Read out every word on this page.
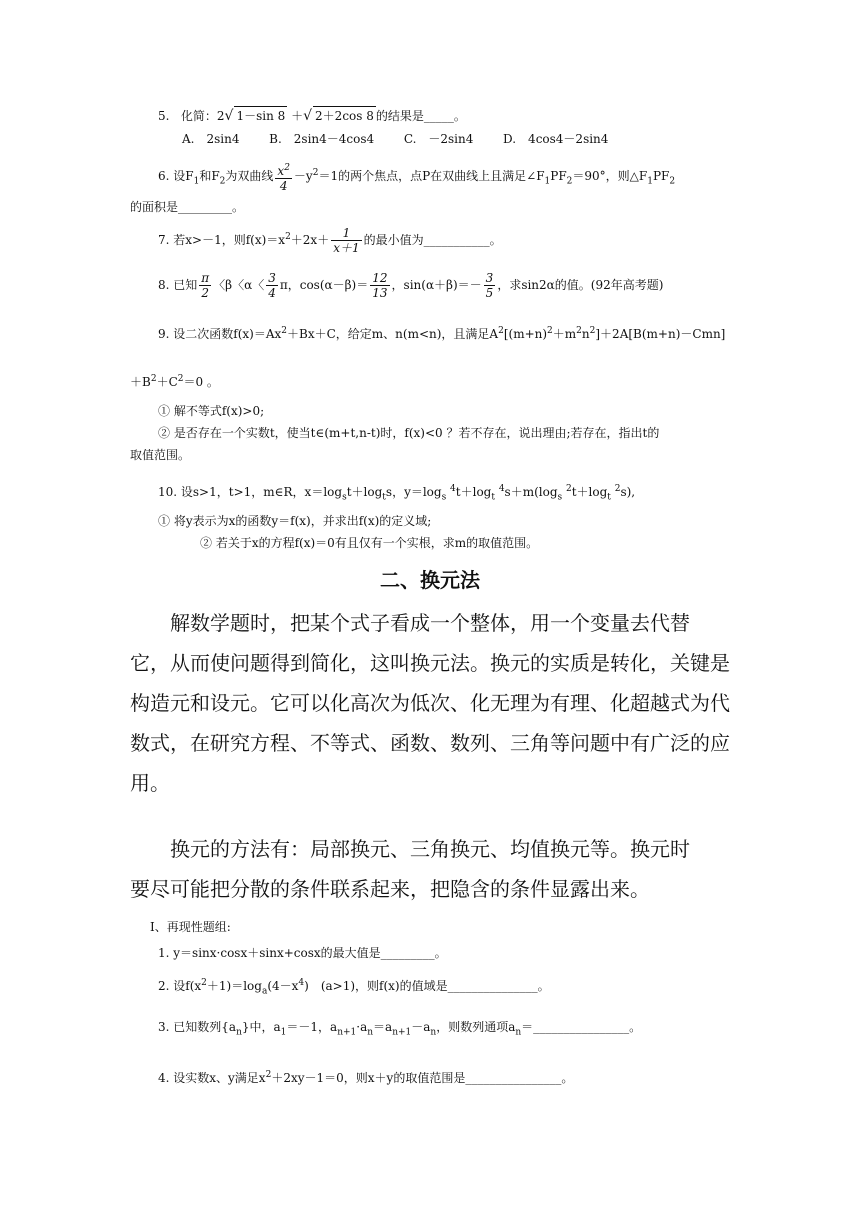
5. 化简：2√ 1－sin 8 ＋√ 2＋2cos 8 的结果是_____。
A.　2sin4 B.　2sin4－4cos4 C.　－2sin4 D.　4cos4－2sin4
6. 设$F_1$和$F_2$为双曲线 $\frac{x^2}{4} -y^2=1$的两个焦点，点P在双曲线上且满足$\angle F_1PF_2=90^\circ$，则$\triangle F_1PF_2$
的面积是_________。
7. 若x>－1，则$f(x)=x^2+2x+ \frac{1}{x+1}$ 的最小值为___________。
8. 已知 $\frac{\pi}{2}$ 〈β〈α〈 $\frac{3}{4}$ π，$\cos(\alpha-\beta)= \frac{12}{13}$ ，$\sin(\alpha+\beta)=- \frac{3}{5}$ ，求sin2α的值。(92年高考题)
9. 设二次函数$f(x)=Ax^2+Bx+C$，给定m、n(m<n)，且满足$A^2[(m+n)^2+m^2n^2]+2A[B(m+n)-Cmn]$
$+B^2+C^2=0$ 。
① 解不等式f(x)>0;
② 是否存在一个实数t，使当t∈(m+t,n-t)时，f(x)<0 ？若不存在，说出理由;若存在，指出t的
取值范围。
10. 设s>1，t>1，m∈R，$x=\log_st+\log_ts$，$y=\log_s$ $^4t+\log_t$ $^4s+m(\log_s$ $^2t+\log_t$ $^2$s),
① 将y表示为x的函数y＝f(x)，并求出f(x)的定义域;
② 若关于x的方程f(x)＝0有且仅有一个实根，求m的取值范围。
二、换元法
　　解数学题时，把某个式子看成一个整体，用一个变量去代替
它，从而使问题得到简化，这叫换元法。换元的实质是转化，关键是
构造元和设元。它可以化高次为低次、化无理为有理、化超越式为代
数式，在研究方程、不等式、函数、数列、三角等问题中有广泛的应
用。
　　换元的方法有：局部换元、三角换元、均值换元等。换元时
要尽可能把分散的条件联系起来，把隐含的条件显露出来。
Ⅰ、再现性题组:
1. y＝sinx·cosx＋sinx+cosx的最大值是_________。
2. 设$f(x^2+1)=\log_a(4-x^4)$　(a>1)，则f(x)的值域是_______________。
3. 已知数列$\{a_n\}$中，$a_1=-1$，$a_{n+1}\cdot a_n=a_{n+1}-a_n$，则数列通项$a_n=\_\_\_\_\_\_\_\_\_\_\_\_\_\_\_\_$。
4. 设实数x、y满足$x^2+2xy-1=0$，则x＋y的取值范围是________________。
